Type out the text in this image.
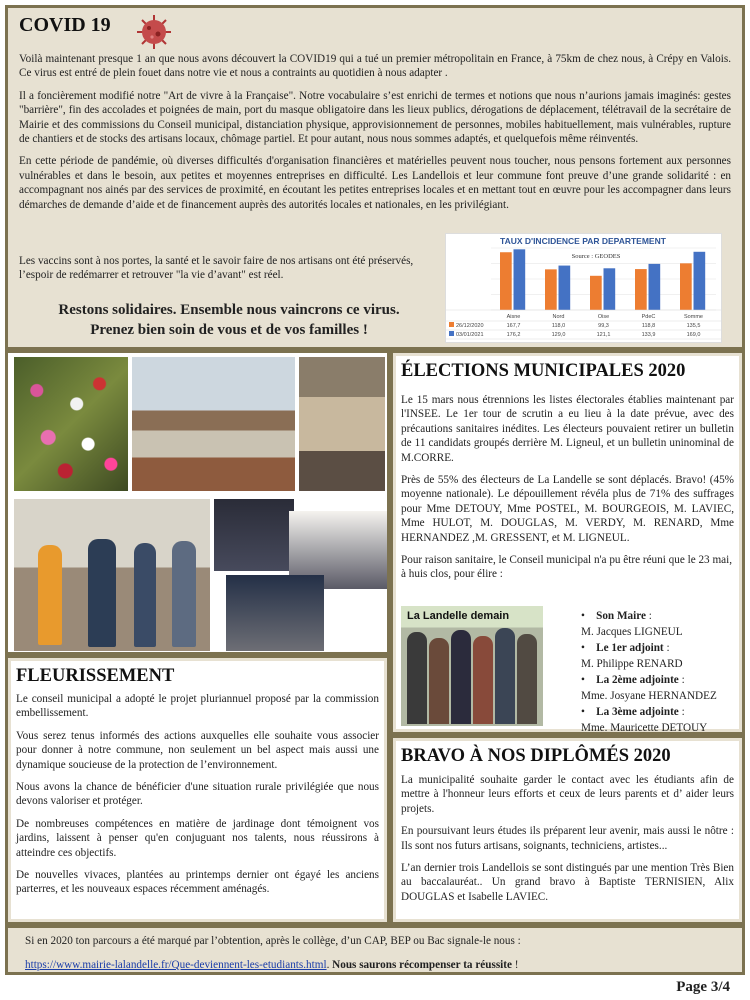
COVID 19

Voilà maintenant presque 1 an que nous avons découvert la COVID19 qui a tué un premier métropolitain en France, à 75km de chez nous, à Crépy en Valois. Ce virus est entré de plein fouet dans notre vie et nous a contraints au quotidien à nous adapter .

Il a foncièrement modifié notre "Art de vivre à la Française". Notre vocabulaire s’est enrichi de termes et notions que nous n’aurions jamais imaginés: gestes "barrière", fin des accolades et poignées de main, port du masque obligatoire dans les lieux publics, dérogations de déplacement, télétravail de la secrétaire de Mairie et des commissions du Conseil municipal, distanciation physique, approvisionnement de personnes, mobiles habituellement, mais vulnérables, rupture de chantiers et de stocks des artisans locaux, chômage partiel. Et pour autant, nous nous sommes adaptés, et quelquefois même réinventés.

En cette période de pandémie, où diverses difficultés d'organisation financières et matérielles peuvent nous toucher, nous pensons fortement aux personnes vulnérables et dans le besoin, aux petites et moyennes entreprises en difficulté. Les Landellois et leur commune font preuve d’une grande solidarité : en accompagnant nos ainés par des services de proximité, en écoutant les petites entreprises locales et en mettant tout en œuvre pour les accompagner dans leurs démarches de demande d’aide et de financement auprès des autorités locales et nationales, en les privilégiant.

Les vaccins sont à nos portes, la santé et le savoir faire de nos artisans ont été préservés, l’espoir de redémarrer et retrouver "la vie d’avant" est réel.

Restons solidaires. Ensemble nous vaincrons ce virus.
Prenez bien soin de vous et de vos familles !
TAUX D'INCIDENCE PAR DEPARTEMENT
Source : GEODES
Aisne
167,7
176,2
Nord
118,0
129,0
Oise
99,3
121,1
PdeC
118,8
133,9
Somme
135,5
169,0
26/12/2020
03/01/2021
ÉLECTIONS MUNICIPALES 2020

Le 15 mars nous étrennions les listes électorales établies maintenant par l'INSEE. Le 1er tour de scrutin a eu lieu à la date prévue, avec des précautions sanitaires inédites. Les électeurs pouvaient retirer un bulletin de 11 candidats groupés derrière M. Ligneul, et un bulletin uninominal de M.CORRE.

Près de 55% des électeurs de La Landelle se sont déplacés. Bravo! (45% moyenne nationale). Le dépouillement révéla plus de 71% des suffrages pour Mme DETOUY, Mme POSTEL, M. BOURGEOIS, M. LAVIEC, Mme HULOT, M. DOUGLAS, M. VERDY, M. RENARD, Mme HERNANDEZ ,M. GRESSENT, et M. LIGNEUL.

Pour raison sanitaire, le Conseil municipal n'a pu être réuni que le 23 mai, à huis clos, pour élire :

La Landelle demain	•    Son Maire :
M. Jacques LIGNEUL
•    Le 1er adjoint :
M. Philippe RENARD
•    La 2ème adjointe :
Mme. Josyane HERNANDEZ
•    La 3ème adjointe :
Mme. Mauricette DETOUY
FLEURISSEMENT

Le conseil municipal a adopté le projet pluriannuel proposé par la commission embellissement.

Vous serez tenus informés des actions auxquelles elle souhaite vous associer pour donner à notre commune, non seulement un bel aspect mais aussi une dynamique soucieuse de la protection de l’environnement.

Nous avons la chance de bénéficier d'une situation rurale privilégiée que nous devons valoriser et protéger.

De nombreuses compétences en matière de jardinage dont témoignent vos jardins, laissent à penser qu'en conjuguant nos talents, nous réussirons à atteindre ces objectifs.

De nouvelles vivaces, plantées au printemps dernier ont égayé les anciens parterres, et les nouveaux espaces récemment aménagés.

BRAVO À NOS DIPLÔMÉS 2020

La municipalité souhaite garder le contact avec les étudiants afin de mettre à l'honneur leurs efforts et ceux de leurs parents et d’ aider leurs projets.

En poursuivant leurs études ils préparent leur avenir, mais aussi le nôtre : Ils sont nos futurs artisans, soignants, techniciens, artistes...

L’an dernier trois Landellois se sont distingués par une mention Très Bien au baccalauréat.. Un grand bravo à Baptiste TERNISIEN, Alix DOUGLAS et Isabelle LAVIEC.

Si en 2020 ton parcours a été marqué par l’obtention, après le collège, d’un CAP, BEP ou Bac signale-le nous :
https://www.mairie-lalandelle.fr/Que-deviennent-les-etudiants.html. Nous saurons récompenser ta réussite !
Page 3/4
